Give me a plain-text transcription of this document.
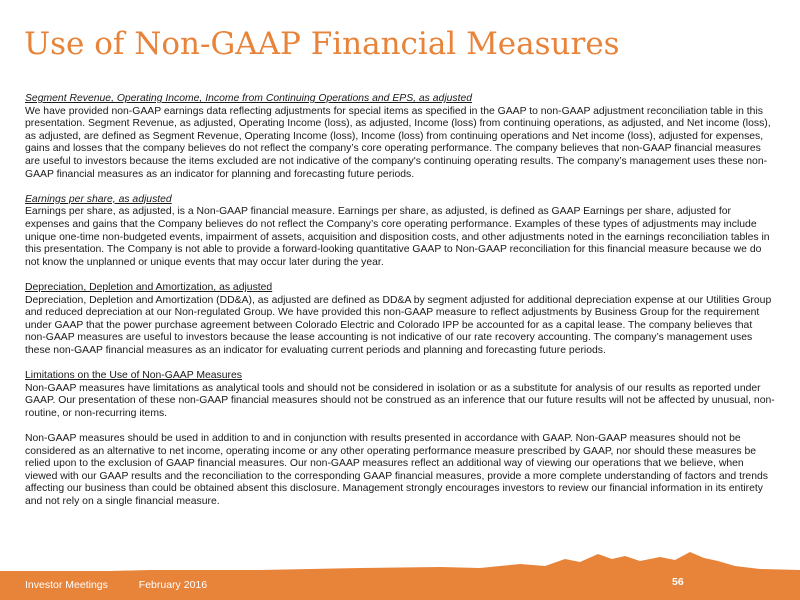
Use of Non-GAAP Financial Measures

Segment Revenue, Operating Income, Income from Continuing Operations and EPS, as adjusted

We have provided non-GAAP earnings data reflecting adjustments for special items as specified in the GAAP to non-GAAP adjustment reconciliation table in this presentation. Segment Revenue, as adjusted, Operating Income (loss), as adjusted, Income (loss) from continuing operations, as adjusted, and Net income (loss), as adjusted, are defined as Segment Revenue, Operating Income (loss), Income (loss) from continuing operations and Net income (loss), adjusted for expenses, gains and losses that the company believes do not reflect the company’s core operating performance. The company believes that non-GAAP financial measures are useful to investors because the items excluded are not indicative of the company's continuing operating results. The company’s management uses these non-GAAP financial measures as an indicator for planning and forecasting future periods.

Earnings per share, as adjusted

Earnings per share, as adjusted, is a Non-GAAP financial measure. Earnings per share, as adjusted, is defined as GAAP Earnings per share, adjusted for expenses and gains that the Company believes do not reflect the Company’s core operating performance. Examples of these types of adjustments may include unique one-time non-budgeted events, impairment of assets, acquisition and disposition costs, and other adjustments noted in the earnings reconciliation tables in this presentation. The Company is not able to provide a forward-looking quantitative GAAP to Non-GAAP reconciliation for this financial measure because we do not know the unplanned or unique events that may occur later during the year.

Depreciation, Depletion and Amortization, as adjusted

Depreciation, Depletion and Amortization (DD&A), as adjusted are defined as DD&A by segment adjusted for additional depreciation expense at our Utilities Group and reduced depreciation at our Non-regulated Group. We have provided this non-GAAP measure to reflect adjustments by Business Group for the requirement under GAAP that the power purchase agreement between Colorado Electric and Colorado IPP be accounted for as a capital lease. The company believes that non-GAAP measures are useful to investors because the lease accounting is not indicative of our rate recovery accounting. The company’s management uses these non-GAAP financial measures as an indicator for evaluating current periods and planning and forecasting future periods.

Limitations on the Use of Non-GAAP Measures

Non-GAAP measures have limitations as analytical tools and should not be considered in isolation or as a substitute for analysis of our results as reported under GAAP. Our presentation of these non-GAAP financial measures should not be construed as an inference that our future results will not be affected by unusual, non-routine, or non-recurring items.

Non-GAAP measures should be used in addition to and in conjunction with results presented in accordance with GAAP. Non-GAAP measures should not be considered as an alternative to net income, operating income or any other operating performance measure prescribed by GAAP, nor should these measures be relied upon to the exclusion of GAAP financial measures. Our non-GAAP measures reflect an additional way of viewing our operations that we believe, when viewed with our GAAP results and the reconciliation to the corresponding GAAP financial measures, provide a more complete understanding of factors and trends affecting our business than could be obtained absent this disclosure. Management strongly encourages investors to review our financial information in its entirety and not rely on a single financial measure.

Investor Meetings	February 2016	56
